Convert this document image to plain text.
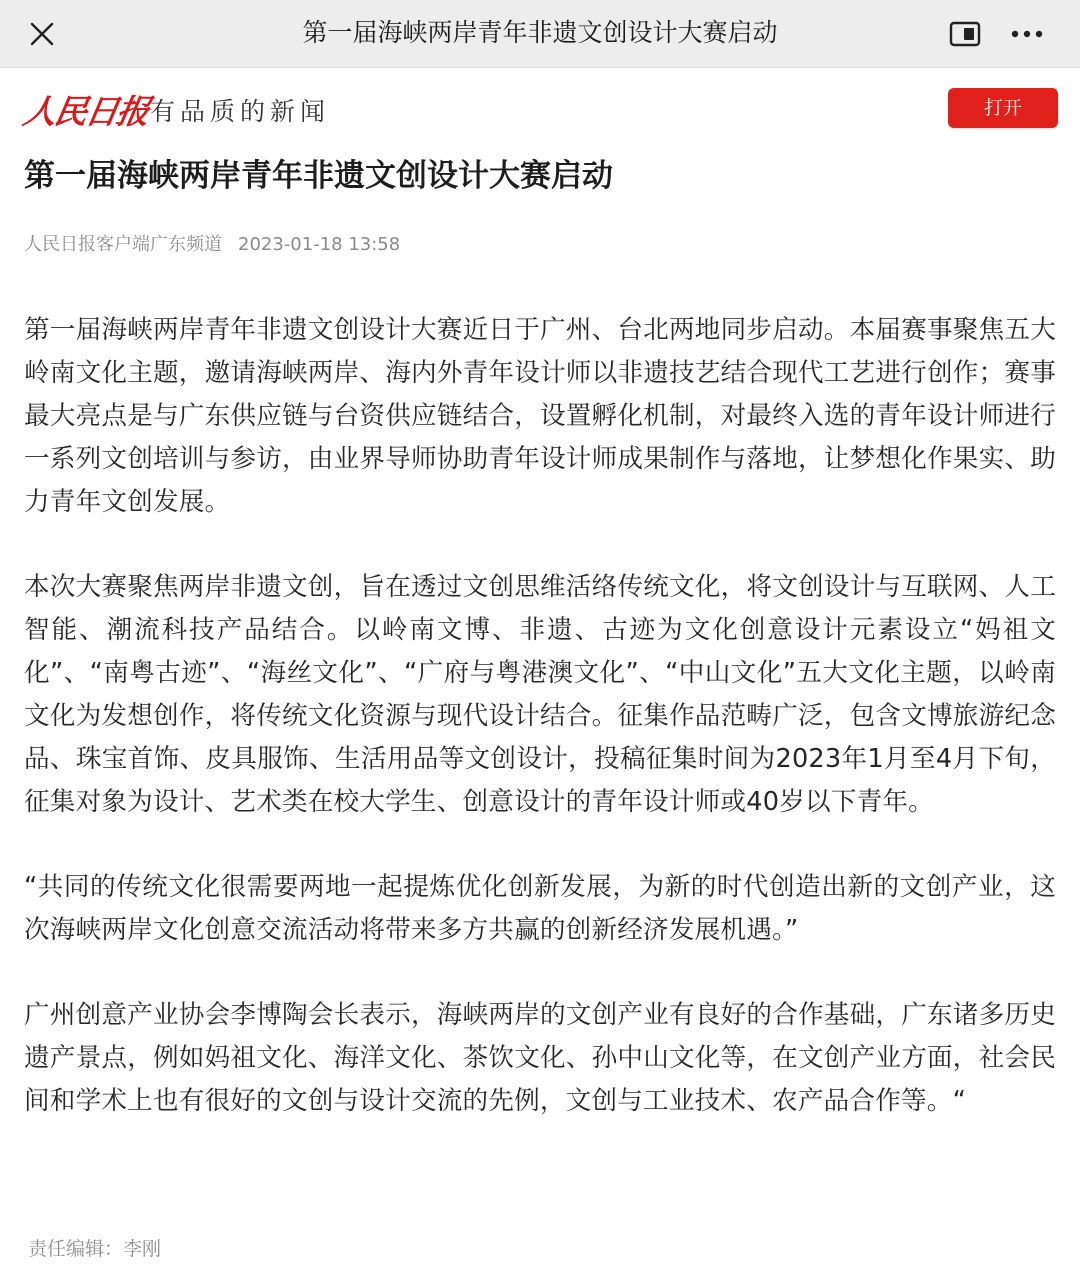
第一届海峡两岸青年非遗文创设计大赛启动
人民日报
有品质的新闻	打开
第一届海峡两岸青年非遗文创设计大赛启动
人民日报客户端广东频道 2023-01-18 13:58

第一届海峡两岸青年非遗文创设计大赛近日于广州、台北两地同步启动。本届赛事聚焦五大岭南文化主题，邀请海峡两岸、海内外青年设计师以非遗技艺结合现代工艺进行创作；赛事最大亮点是与广东供应链与台资供应链结合，设置孵化机制，对最终入选的青年设计师进行一系列文创培训与参访，由业界导师协助青年设计师成果制作与落地，让梦想化作果实、助力青年文创发展。

本次大赛聚焦两岸非遗文创，旨在透过文创思维活络传统文化，将文创设计与互联网、人工智能、潮流科技产品结合。以岭南文博、非遗、古迹为文化创意设计元素设立“妈祖文化”、“南粤古迹”、“海丝文化”、“广府与粤港澳文化”、“中山文化”五大文化主题，以岭南文化为发想创作，将传统文化资源与现代设计结合。征集作品范畴广泛，包含文博旅游纪念品、珠宝首饰、皮具服饰、生活用品等文创设计，投稿征集时间为2023年1月至4月下旬，征集对象为设计、艺术类在校大学生、创意设计的青年设计师或40岁以下青年。

“共同的传统文化很需要两地一起提炼优化创新发展，为新的时代创造出新的文创产业，这次海峡两岸文化创意交流活动将带来多方共赢的创新经济发展机遇。”

广州创意产业协会李博陶会长表示，海峡两岸的文创产业有良好的合作基础，广东诸多历史遗产景点，例如妈祖文化、海洋文化、茶饮文化、孙中山文化等，在文创产业方面，社会民间和学术上也有很好的文创与设计交流的先例，文创与工业技术、农产品合作等。“

责任编辑：李刚
